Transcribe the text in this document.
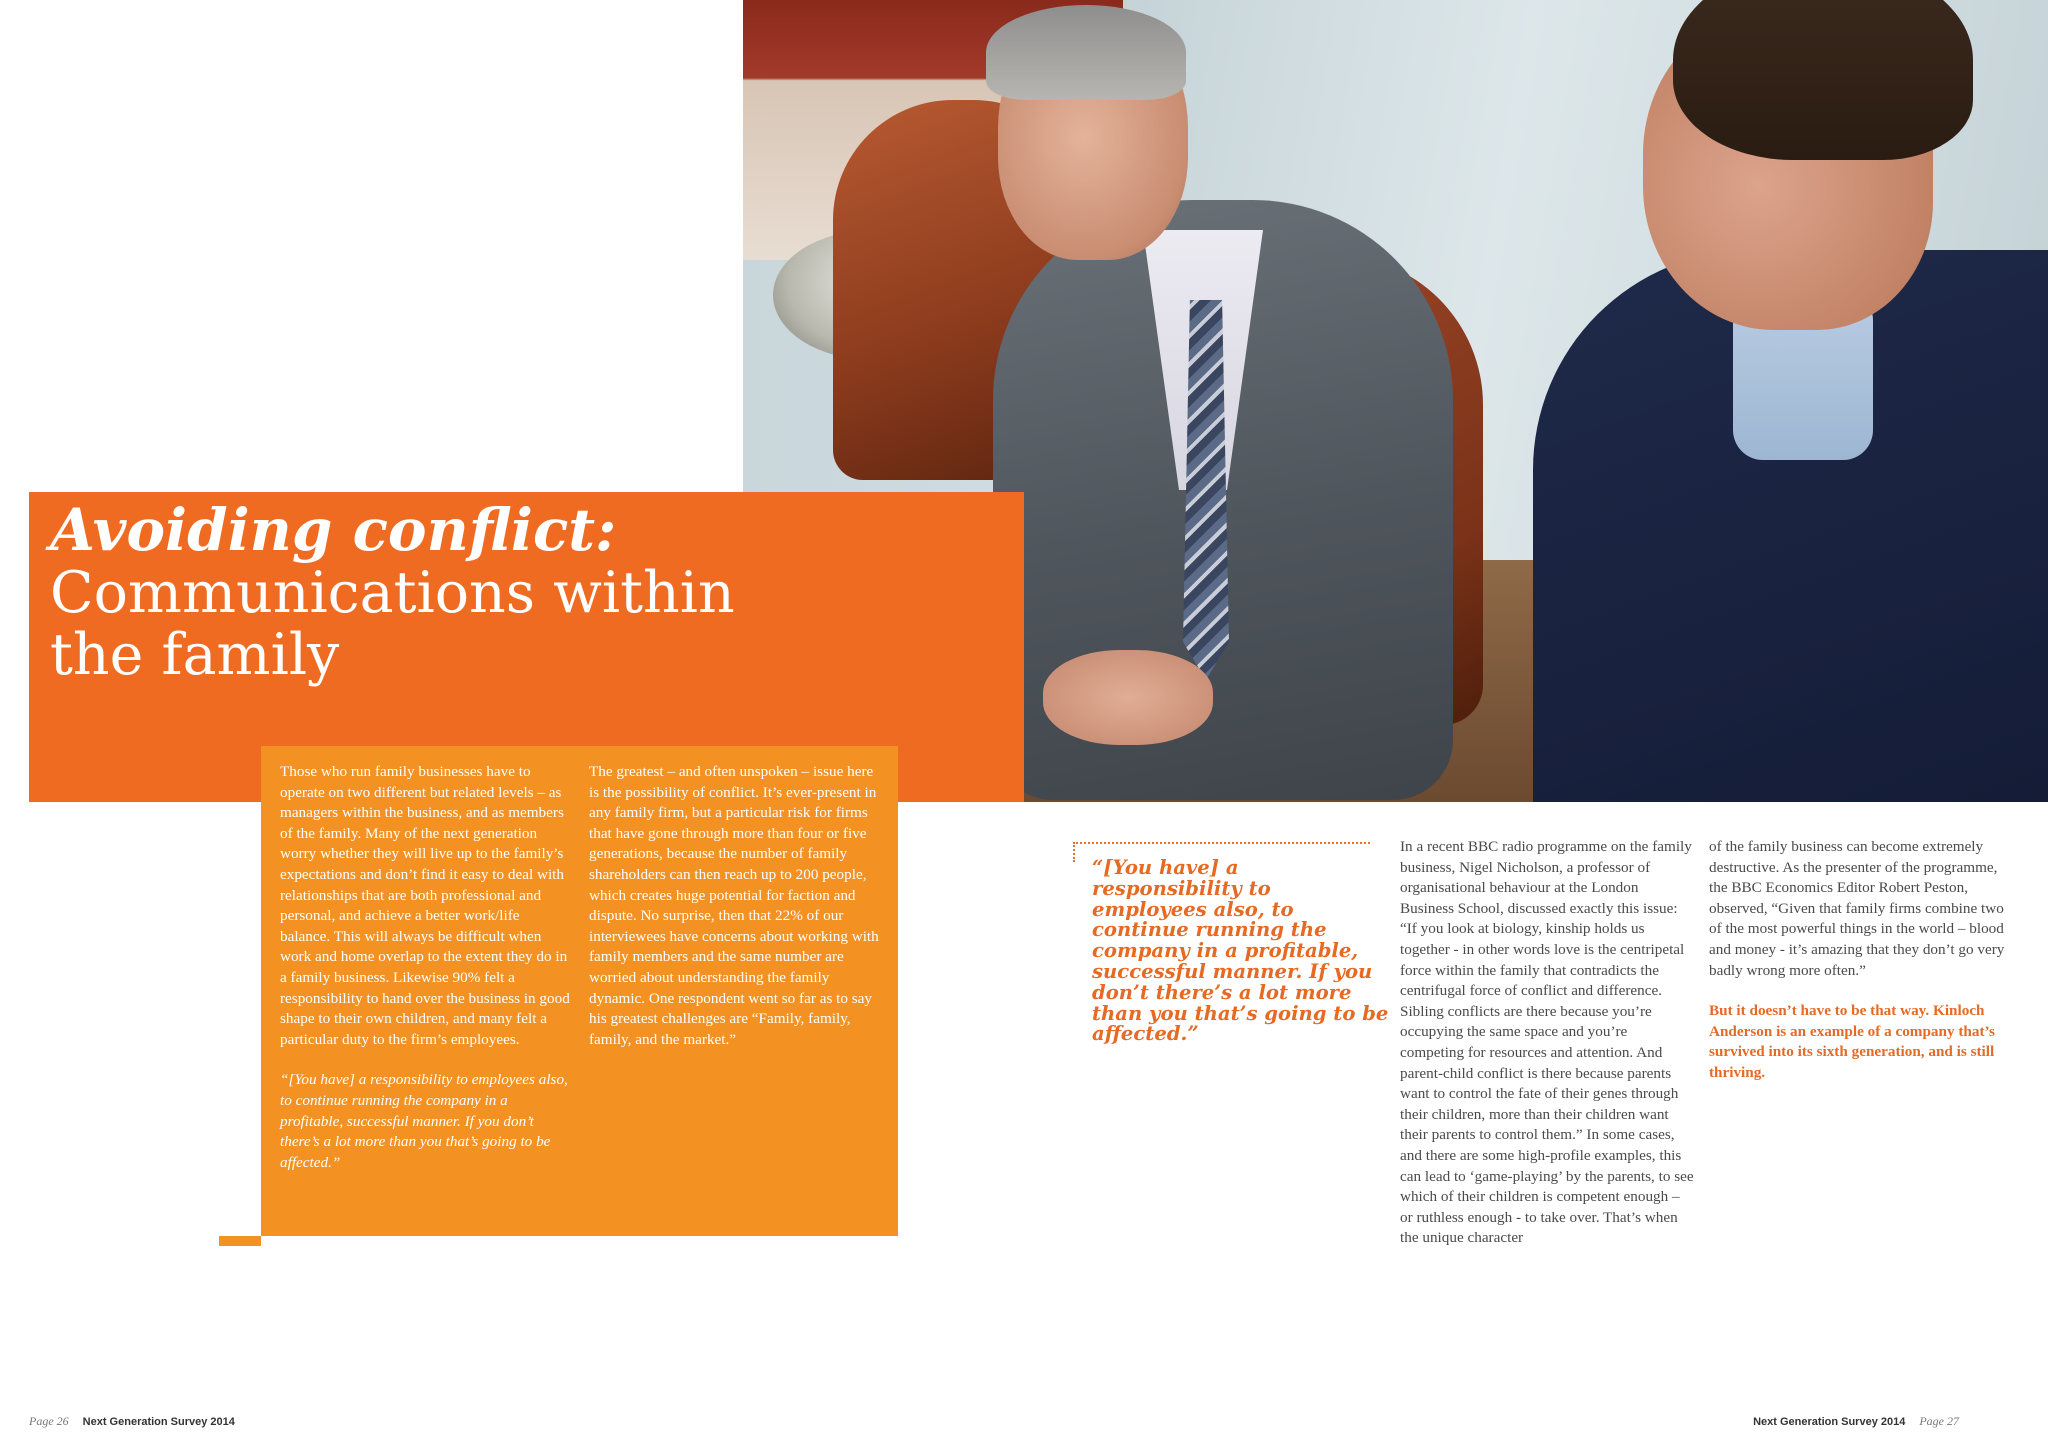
Avoiding conflict:
Communications within the family

Those who run family businesses have to operate on two different but related levels – as managers within the business, and as members of the family. Many of the next generation worry whether they will live up to the family’s expectations and don’t find it easy to deal with relationships that are both professional and personal, and achieve a better work/life balance. This will always be difficult when work and home overlap to the extent they do in a family business. Likewise 90% felt a responsibility to hand over the business in good shape to their own children, and many felt a particular duty to the firm’s employees.

“[You have] a responsibility to employees also, to continue running the company in a profitable, successful manner. If you don’t there’s a lot more than you that’s going to be affected.”

The greatest – and often unspoken – issue here is the possibility of conflict. It’s ever-present in any family firm, but a particular risk for firms that have gone through more than four or five generations, because the number of family shareholders can then reach up to 200 people, which creates huge potential for faction and dispute. No surprise, then that 22% of our interviewees have concerns about working with family members and the same number are worried about understanding the family dynamic. One respondent went so far as to say his greatest challenges are “Family, family, family, and the market.”

“[You have] a responsibility to employees also, to continue running the company in a profitable, successful manner. If you don’t there’s a lot more than you that’s going to be affected.”
In a recent BBC radio programme on the family business, Nigel Nicholson, a professor of organisational behaviour at the London Business School, discussed exactly this issue: “If you look at biology, kinship holds us together - in other words love is the centripetal force within the family that contradicts the centrifugal force of conflict and difference. Sibling conflicts are there because you’re occupying the same space and you’re competing for resources and attention. And parent-child conflict is there because parents want to control the fate of their genes through their children, more than their children want their parents to control them.” In some cases, and there are some high-profile examples, this can lead to ‘game-playing’ by the parents, to see which of their children is competent enough – or ruthless enough - to take over. That’s when the unique character

of the family business can become extremely destructive. As the presenter of the programme, the BBC Economics Editor Robert Peston, observed, “Given that family firms combine two of the most powerful things in the world – blood and money - it’s amazing that they don’t go very badly wrong more often.”

But it doesn’t have to be that way. Kinloch Anderson is an example of a company that’s survived into its sixth generation, and is still thriving.

Page 26 Next Generation Survey 2014	Next Generation Survey 2014 Page 27
